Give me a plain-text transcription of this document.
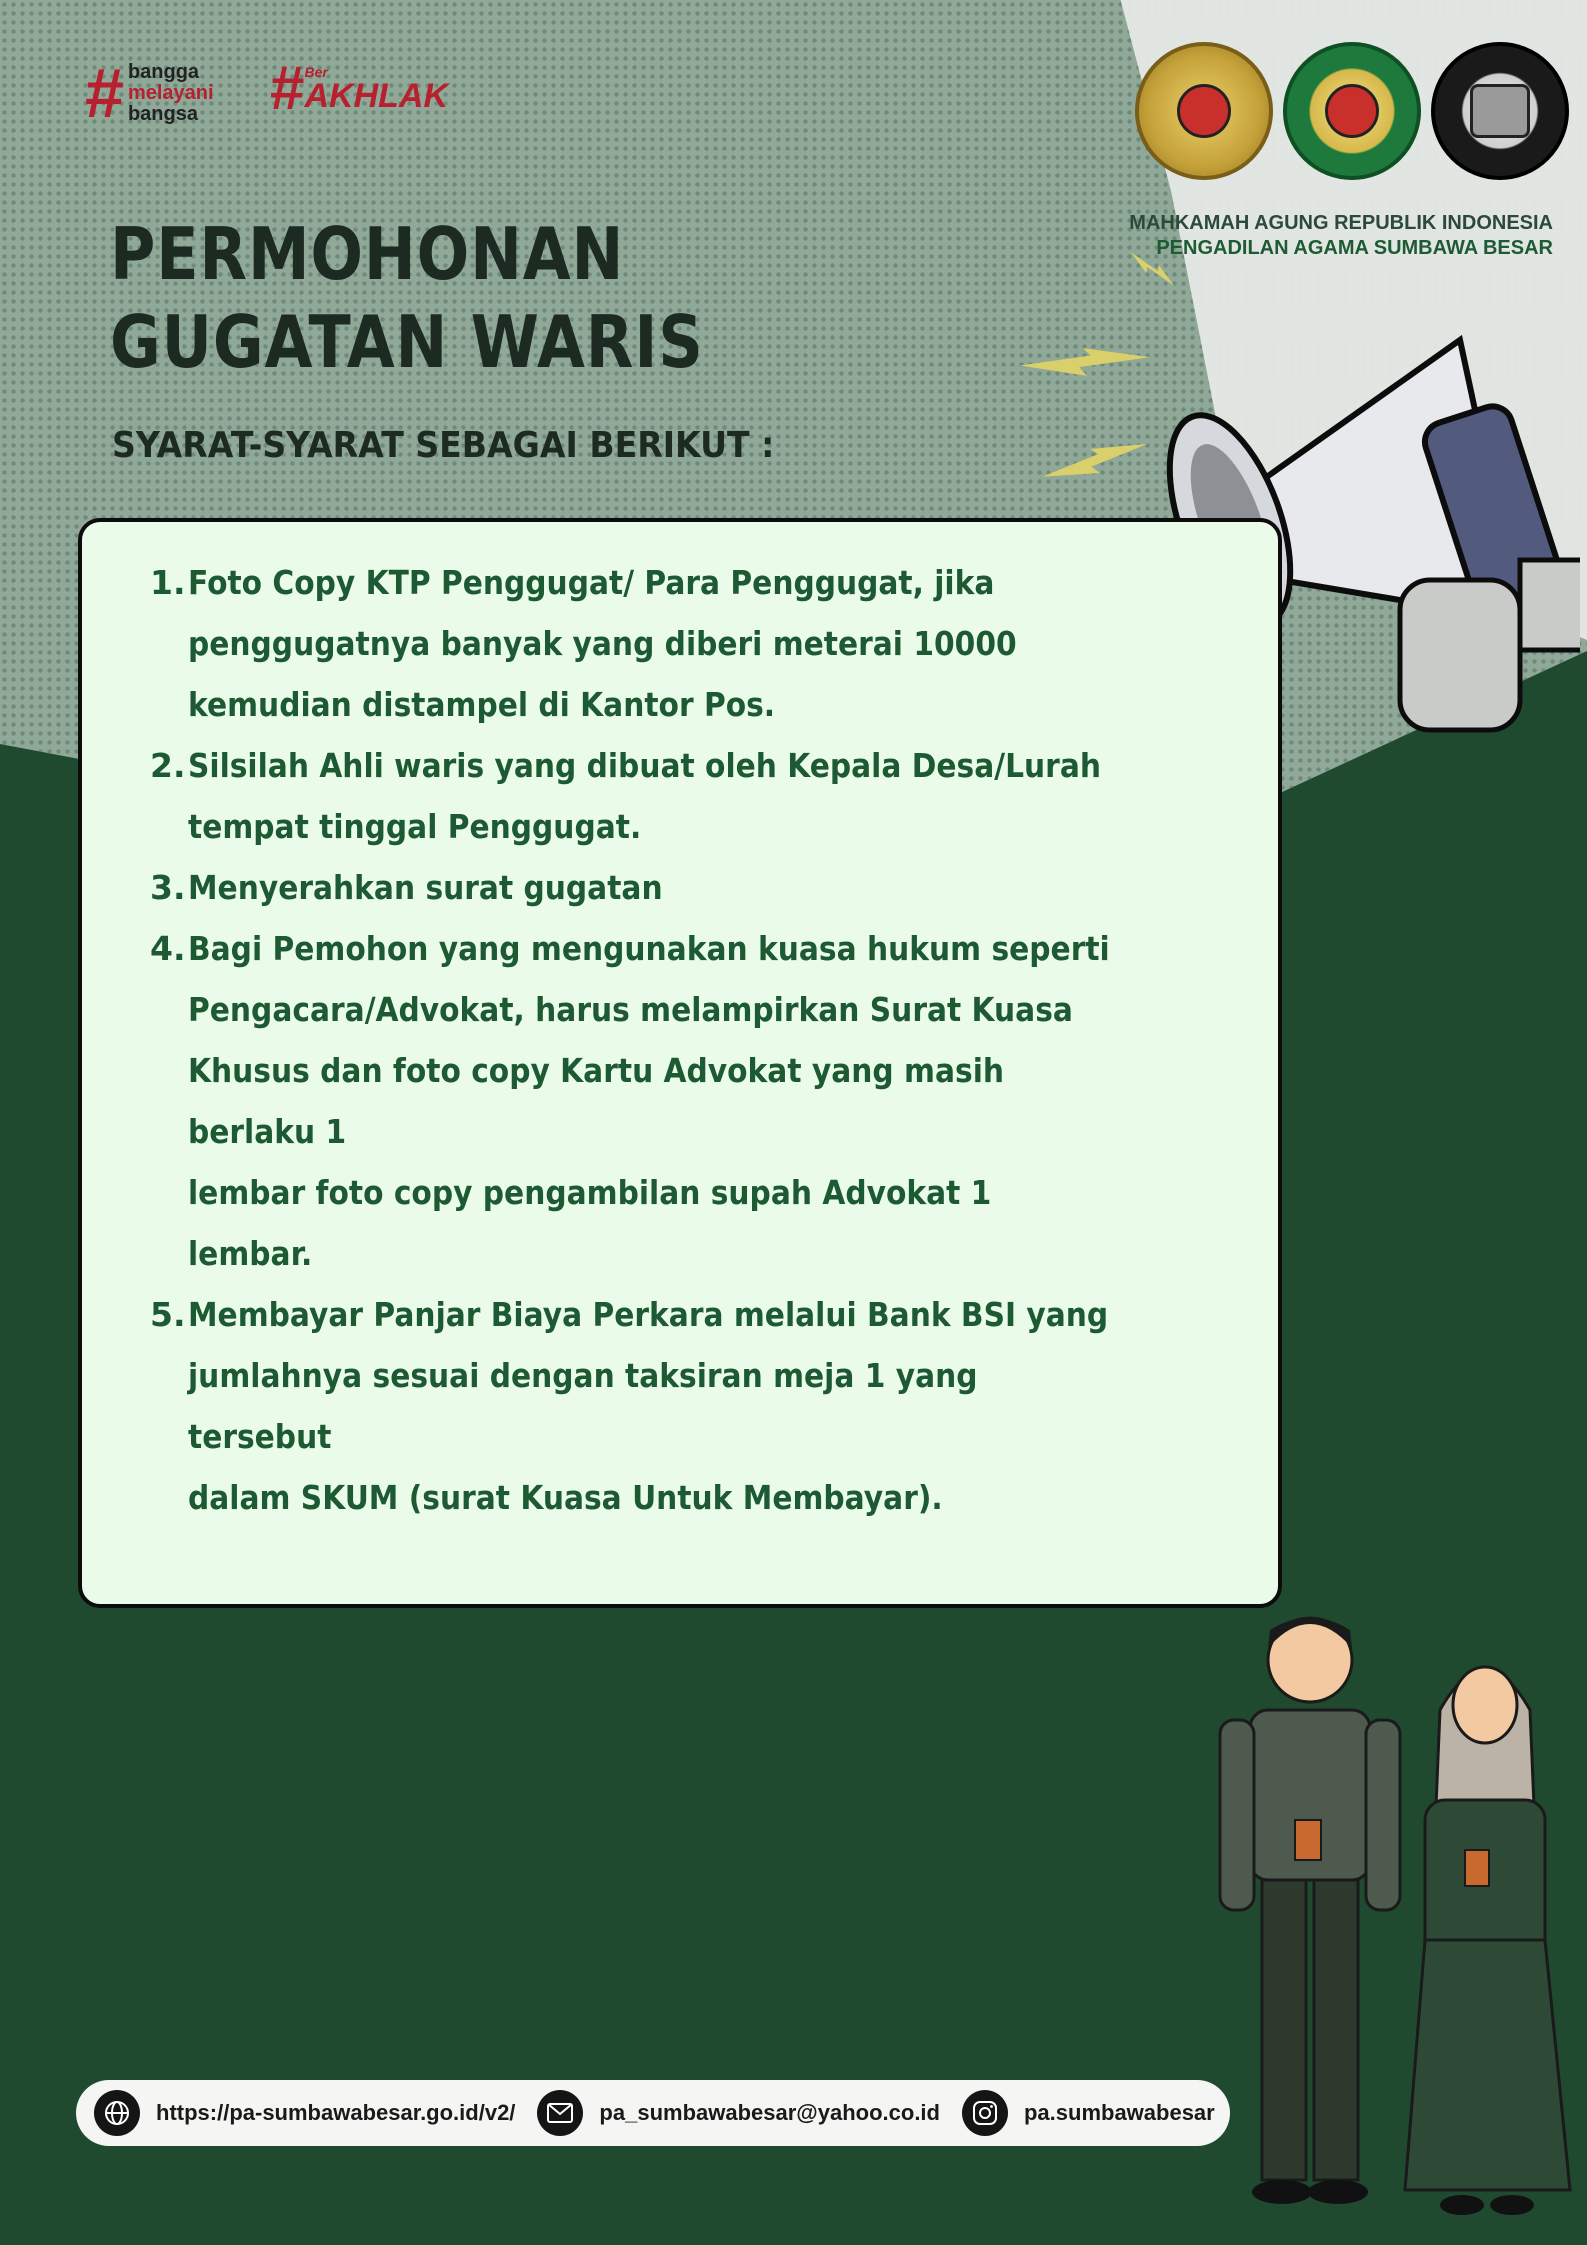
# bangga
melayani
bangsa # Ber
AKHLAK
MAHKAMAH AGUNG REPUBLIK INDONESIA
PENGADILAN AGAMA SUMBAWA BESAR
PERMOHONAN
GUGATAN WARIS
SYARAT-SYARAT SEBAGAI BERIKUT :
1. Foto Copy KTP Penggugat/ Para Penggugat, jika
penggugatnya banyak yang diberi meterai 10000
kemudian distampel di Kantor Pos.
2. Silsilah Ahli waris yang dibuat oleh Kepala Desa/Lurah
tempat tinggal Penggugat.
3. Menyerahkan surat gugatan
4. Bagi Pemohon yang mengunakan kuasa hukum seperti
Pengacara/Advokat, harus melampirkan Surat Kuasa
Khusus dan foto copy Kartu Advokat yang masih berlaku 1
lembar foto copy pengambilan supah Advokat 1 lembar.
5. Membayar Panjar Biaya Perkara melalui Bank BSI yang
jumlahnya sesuai dengan taksiran meja 1 yang tersebut
dalam SKUM (surat Kuasa Untuk Membayar).
https://pa-sumbawabesar.go.id/v2/	pa_sumbawabesar@yahoo.co.id	pa.sumbawabesar
